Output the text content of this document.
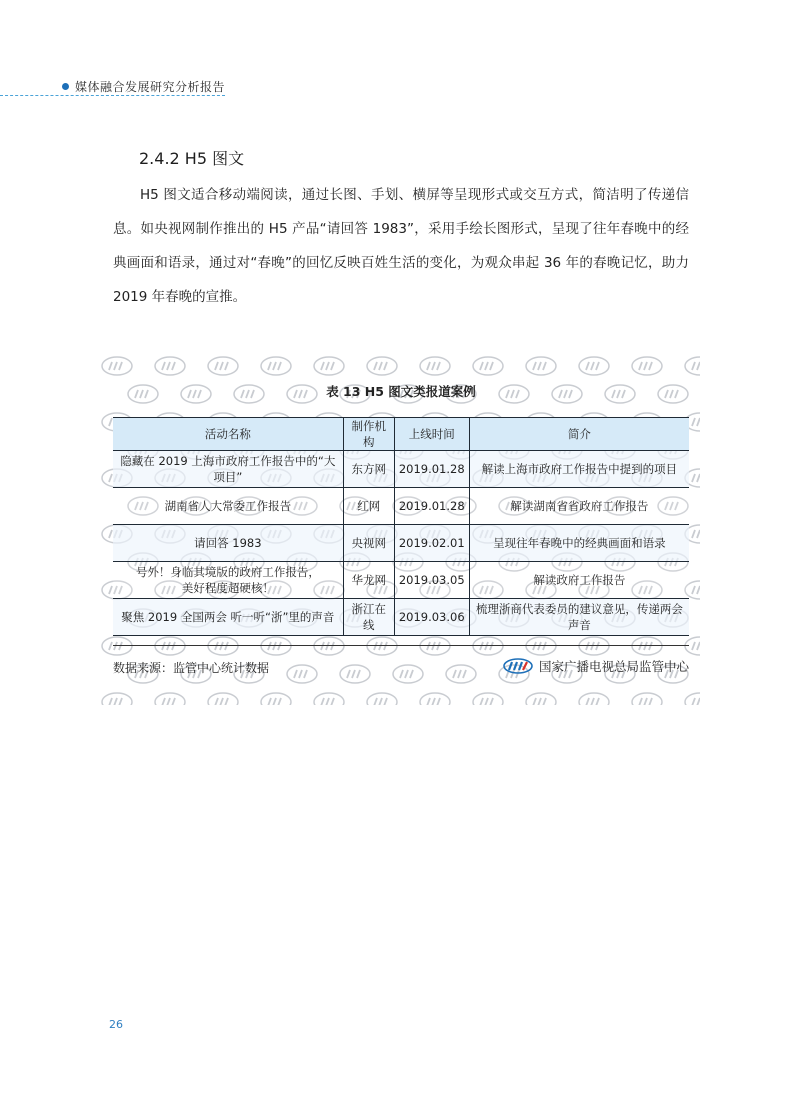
媒体融合发展研究分析报告
2.4.2 H5 图文
H5 图文适合移动端阅读，通过长图、手划、横屏等呈现形式或交互方式，简洁明了传递信息。如央视网制作推出的 H5 产品“请回答 1983”，采用手绘长图形式，呈现了往年春晚中的经典画面和语录，通过对“春晚”的回忆反映百姓生活的变化，为观众串起 36 年的春晚记忆，助力 2019 年春晚的宣推。
表 13 H5 图文类报道案例
活动名称	制作机构	上线时间	简介
隐藏在 2019 上海市政府工作报告中的“大项目”	东方网	2019.01.28	解读上海市政府工作报告中提到的项目
湖南省人大常委工作报告	红网	2019.01.28	解读湖南省省政府工作报告
请回答 1983	央视网	2019.02.01	呈现往年春晚中的经典画面和语录
号外！身临其境版的政府工作报告，
美好程度超硬核！	华龙网	2019.03.05	解读政府工作报告
聚焦 2019 全国两会 听一听“浙”里的声音	浙江在线	2019.03.06	梳理浙商代表委员的建议意见，传递两会声音
数据来源：监管中心统计数据	国家广播电视总局监管中心
26
